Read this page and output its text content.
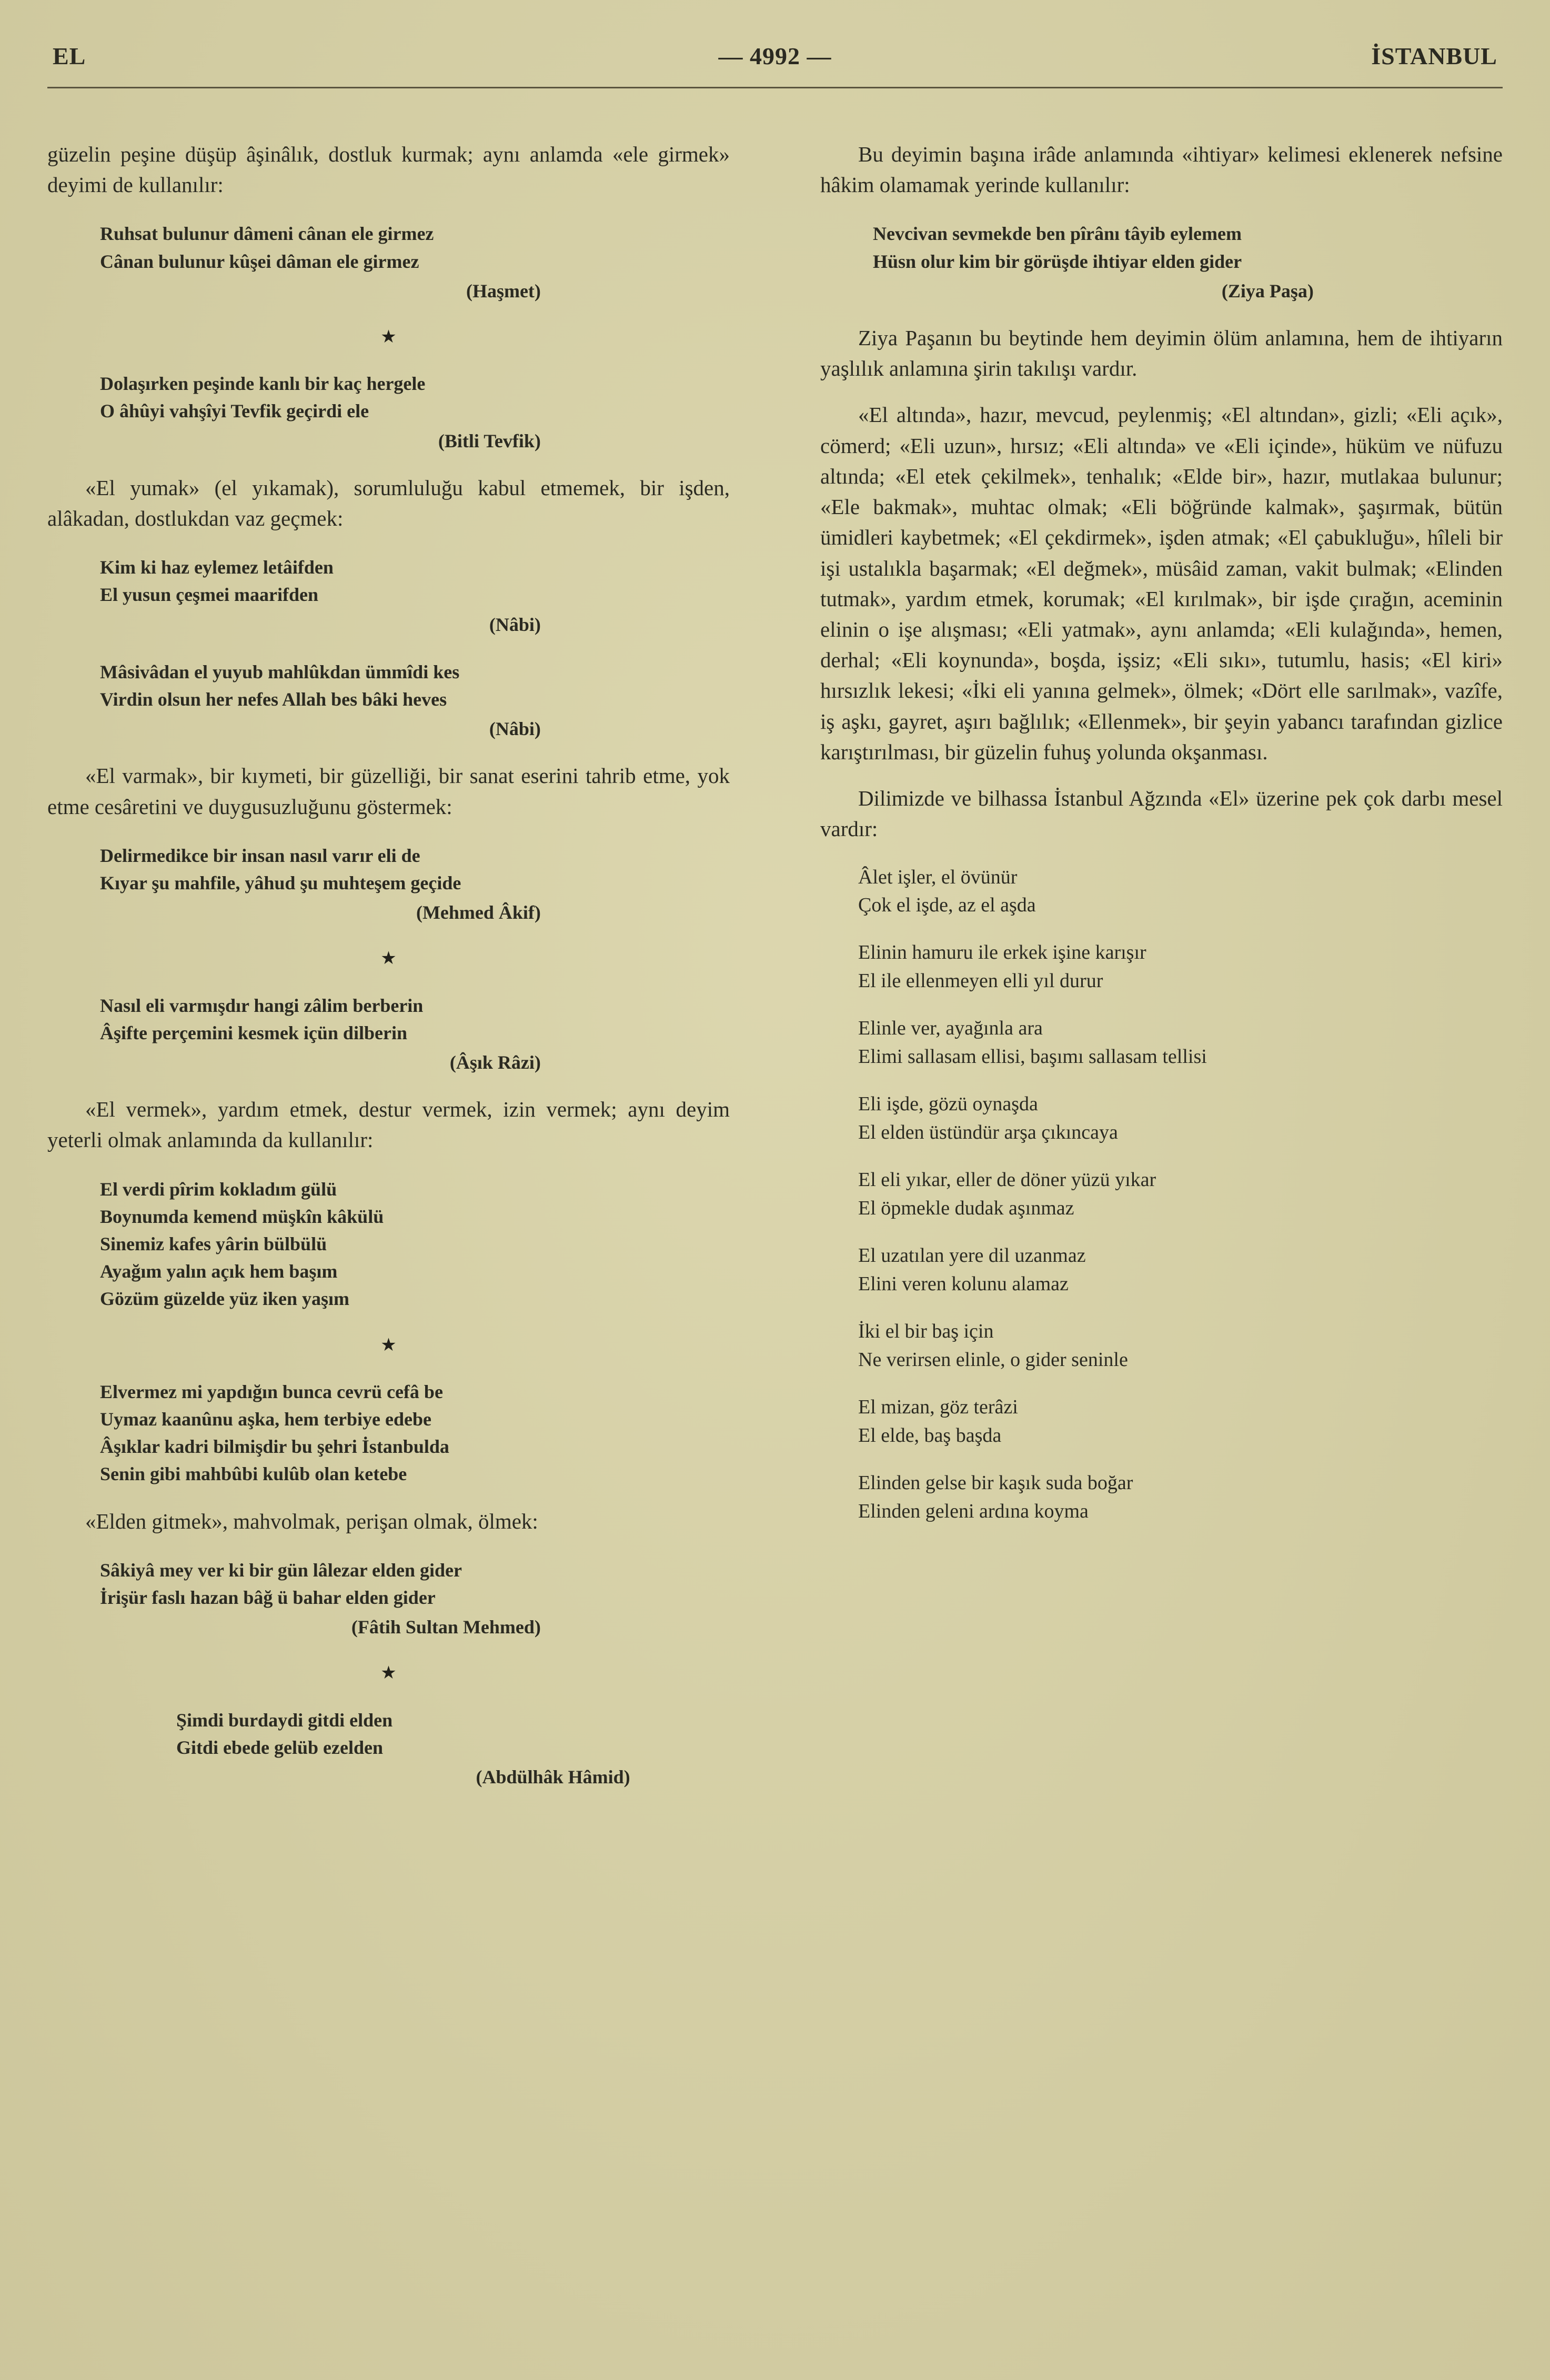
EL	— 4992 —	İSTANBUL
güzelin peşine düşüp âşinâlık, dostluk kurmak; aynı anlamda «ele girmek» deyimi de kullanılır:
Ruhsat bulunur dâmeni cânan ele girmez
Cânan bulunur kûşei dâman ele girmez
(Haşmet)
★
Dolaşırken peşinde kanlı bir kaç hergele
O âhûyi vahşîyi Tevfik geçirdi ele
(Bitli Tevfik)
«El yumak» (el yıkamak), sorumluluğu kabul etmemek, bir işden, alâkadan, dostlukdan vaz geçmek:
Kim ki haz eylemez letâifden
El yusun çeşmei maarifden
(Nâbi)
Mâsivâdan el yuyub mahlûkdan ümmîdi kes
Virdin olsun her nefes Allah bes bâki heves
(Nâbi)
«El varmak», bir kıymeti, bir güzelliği, bir sanat eserini tahrib etme, yok etme cesâretini ve duygusuzluğunu göstermek:
Delirmedikce bir insan nasıl varır eli de
Kıyar şu mahfile, yâhud şu muhteşem geçide
(Mehmed Âkif)
★
Nasıl eli varmışdır hangi zâlim berberin
Âşifte perçemini kesmek içün dilberin
(Âşık Râzi)
«El vermek», yardım etmek, destur vermek, izin vermek; aynı deyim yeterli olmak anlamında da kullanılır:
El verdi pîrim kokladım gülü
Boynumda kemend müşkîn kâkülü
Sinemiz kafes yârin bülbülü
Ayağım yalın açık hem başım
Gözüm güzelde yüz iken yaşım
★
Elvermez mi yapdığın bunca cevrü cefâ be
Uymaz kaanûnu aşka, hem terbiye edebe
Âşıklar kadri bilmişdir bu şehri İstanbulda
Senin gibi mahbûbi kulûb olan ketebe
«Elden gitmek», mahvolmak, perişan olmak, ölmek:
Sâkiyâ mey ver ki bir gün lâlezar elden gider
İrişür faslı hazan bâğ ü bahar elden gider
(Fâtih Sultan Mehmed)
★
Şimdi burdaydi gitdi elden
Gitdi ebede gelüb ezelden
(Abdülhâk Hâmid)
Bu deyimin başına irâde anlamında «ihtiyar» kelimesi eklenerek nefsine hâkim olamamak yerinde kullanılır:
Nevcivan sevmekde ben pîrânı tâyib eylemem
Hüsn olur kim bir görüşde ihtiyar elden gider
(Ziya Paşa)
Ziya Paşanın bu beytinde hem deyimin ölüm anlamına, hem de ihtiyarın yaşlılık anlamına şirin takılışı vardır.
«El altında», hazır, mevcud, peylenmiş; «El altından», gizli; «Eli açık», cömerd; «Eli uzun», hırsız; «Eli altında» ve «Eli içinde», hüküm ve nüfuzu altında; «El etek çekilmek», tenhalık; «Elde bir», hazır, mutlakaa bulunur; «Ele bakmak», muhtac olmak; «Eli böğründe kalmak», şaşırmak, bütün ümidleri kaybetmek; «El çekdirmek», işden atmak; «El çabukluğu», hîleli bir işi ustalıkla başarmak; «El değmek», müsâid zaman, vakit bulmak; «Elinden tutmak», yardım etmek, korumak; «El kırılmak», bir işde çırağın, aceminin elinin o işe alışması; «Eli yatmak», aynı anlamda; «Eli kulağında», hemen, derhal; «Eli koynunda», boşda, işsiz; «Eli sıkı», tutumlu, hasis; «El kiri» hırsızlık lekesi; «İki eli yanına gelmek», ölmek; «Dört elle sarılmak», vazîfe, iş aşkı, gayret, aşırı bağlılık; «Ellenmek», bir şeyin yabancı tarafından gizlice karıştırılması, bir güzelin fuhuş yolunda okşanması.
Dilimizde ve bilhassa İstanbul Ağzında «El» üzerine pek çok darbı mesel vardır:
Âlet işler, el övünür
Çok el işde, az el aşda
Elinin hamuru ile erkek işine karışır
El ile ellenmeyen elli yıl durur
Elinle ver, ayağınla ara
Elimi sallasam ellisi, başımı sallasam tellisi
Eli işde, gözü oynaşda
El elden üstündür arşa çıkıncaya
El eli yıkar, eller de döner yüzü yıkar
El öpmekle dudak aşınmaz
El uzatılan yere dil uzanmaz
Elini veren kolunu alamaz
İki el bir baş için
Ne verirsen elinle, o gider seninle
El mizan, göz terâzi
El elde, baş başda
Elinden gelse bir kaşık suda boğar
Elinden geleni ardına koyma
